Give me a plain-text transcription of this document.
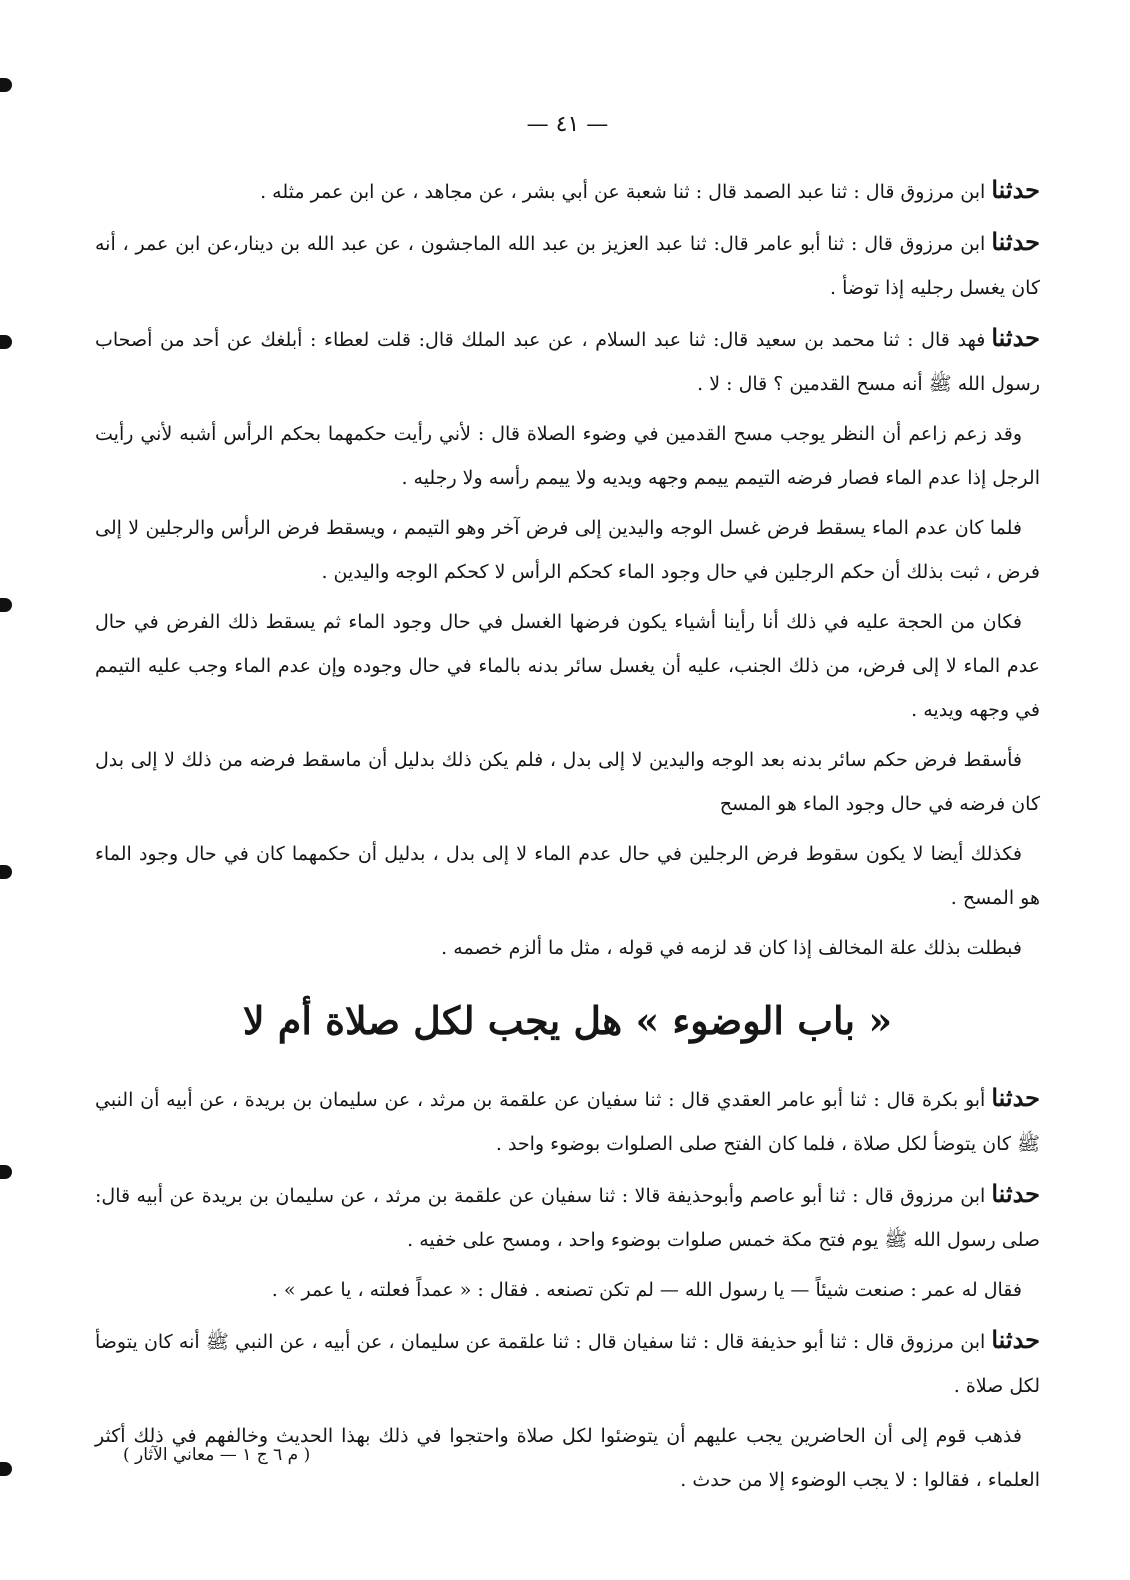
— ٤١ —
حدثناابن مرزوق قال : ثنا عبد الصمد قال : ثنا شعبة عن أبي بشر ، عن مجاهد ، عن ابن عمر مثله .
حدثناابن مرزوق قال : ثنا أبو عامر قال: ثنا عبد العزيز بن عبد الله الماجشون ، عن عبد الله بن دينار،عن ابن عمر ، أنه كان يغسل رجليه إذا توضأ .
حدثنافهد قال : ثنا محمد بن سعيد قال: ثنا عبد السلام ، عن عبد الملك قال: قلت لعطاء : أبلغك عن أحد من أصحاب رسول الله ﷺ أنه مسح القدمين ؟ قال : لا .
وقد زعم زاعم أن النظر يوجب مسح القدمين في وضوء الصلاة قال : لأني رأيت حكمهما بحكم الرأس أشبه لأني رأيت الرجل إذا عدم الماء فصار فرضه التيمم ييمم وجهه ويديه ولا ييمم رأسه ولا رجليه .
فلما كان عدم الماء يسقط فرض غسل الوجه واليدين إلى فرض آخر وهو التيمم ، ويسقط فرض الرأس والرجلين لا إلى فرض ، ثبت بذلك أن حكم الرجلين في حال وجود الماء كحكم الرأس لا كحكم الوجه واليدين .
فكان من الحجة عليه في ذلك أنا رأينا أشياء يكون فرضها الغسل في حال وجود الماء ثم يسقط ذلك الفرض في حال عدم الماء لا إلى فرض، من ذلك الجنب، عليه أن يغسل سائر بدنه بالماء في حال وجوده وإن عدم الماء وجب عليه التيمم في وجهه ويديه .
فأسقط فرض حكم سائر بدنه بعد الوجه واليدين لا إلى بدل ، فلم يكن ذلك بدليل أن ماسقط فرضه من ذلك لا إلى بدل كان فرضه في حال وجود الماء هو المسح
فكذلك أيضا لا يكون سقوط فرض الرجلين في حال عدم الماء لا إلى بدل ، بدليل أن حكمهما كان في حال وجود الماء هو المسح .
فبطلت بذلك علة المخالف إذا كان قد لزمه في قوله ، مثل ما ألزم خصمه .
« باب الوضوء » هل يجب لكل صلاة أم لا
حدثناأبو بكرة قال : ثنا أبو عامر العقدي قال : ثنا سفيان عن علقمة بن مرثد ، عن سليمان بن بريدة ، عن أبيه أن النبي ﷺ كان يتوضأ لكل صلاة ، فلما كان الفتح صلى الصلوات بوضوء واحد .
حدثناابن مرزوق قال : ثنا أبو عاصم وأبوحذيفة قالا : ثنا سفيان عن علقمة بن مرثد ، عن سليمان بن بريدة عن أبيه قال: صلى رسول الله ﷺ يوم فتح مكة خمس صلوات بوضوء واحد ، ومسح على خفيه .
فقال له عمر : صنعت شيئاً — يا رسول الله — لم تكن تصنعه . فقال : « عمداً فعلته ، يا عمر » .
حدثناابن مرزوق قال : ثنا أبو حذيفة قال : ثنا سفيان قال : ثنا علقمة عن سليمان ، عن أبيه ، عن النبي ﷺ أنه كان يتوضأ لكل صلاة .
فذهب قوم إلى أن الحاضرين يجب عليهم أن يتوضئوا لكل صلاة واحتجوا في ذلك بهذا الحديث وخالفهم في ذلك أكثر العلماء ، فقالوا : لا يجب الوضوء إلا من حدث .
( م ٦ ج ١ — معاني الآثار )
